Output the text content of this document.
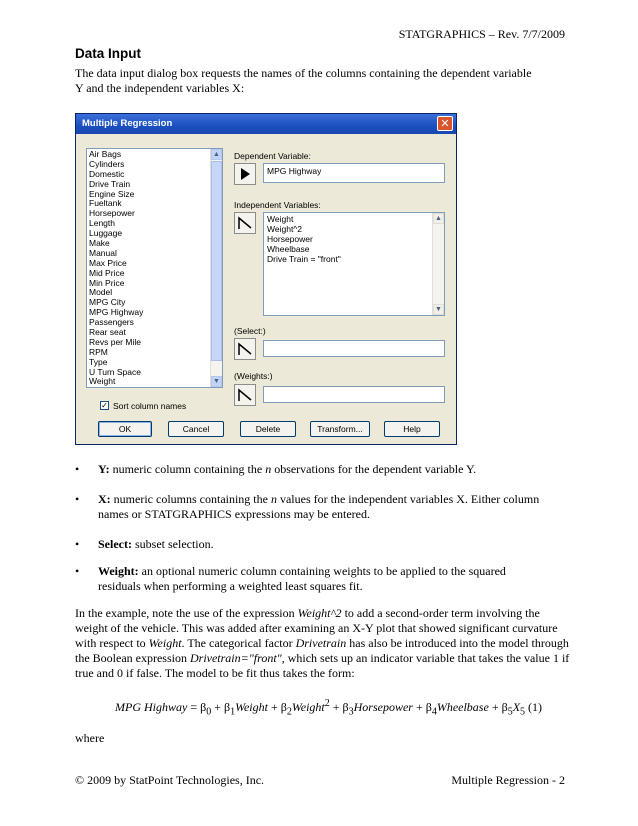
STATGRAPHICS – Rev. 7/7/2009
Data Input
The data input dialog box requests the names of the columns containing the dependent variable
Y and the independent variables X:
Multiple Regression	✕
Air Bags
Cylinders
Domestic
Drive Train
Engine Size
Fueltank
Horsepower
Length
Luggage
Make
Manual
Max Price
Mid Price
Min Price
Model
MPG City
MPG Highway
Passengers
Rear seat
Revs per Mile
RPM
Type
U Turn Space
Weight
▲
▼
✓ Sort column names
Dependent Variable:
MPG Highway
Independent Variables:
Weight
Weight^2
Horsepower
Wheelbase
Drive Train = "front"
▲
▼
(Select:)
(Weights:)
OK	Cancel	Delete	Transform...	Help
• Y: numeric column containing the n observations for the dependent variable Y.
• X: numeric columns containing the n values for the independent variables X. Either column
names or STATGRAPHICS expressions may be entered.
• Select: subset selection.
• Weight: an optional numeric column containing weights to be applied to the squared
residuals when performing a weighted least squares fit.
In the example, note the use of the expression Weight^2 to add a second-order term involving the weight of the vehicle. This was added after examining an X-Y plot that showed significant curvature with respect to Weight. The categorical factor Drivetrain has also be introduced into the model through the Boolean expression Drivetrain="front", which sets up an indicator variable that takes the value 1 if true and 0 if false. The model to be fit thus takes the form:
MPG Highway = $\beta_0$ + $\beta_1Weight$ + $\beta_2Weight^2$ + $\beta_3Horsepower$ + $\beta_4Wheelbase + \beta_5X_5$ (1)
where
© 2009 by StatPoint Technologies, Inc.	Multiple Regression - 2
